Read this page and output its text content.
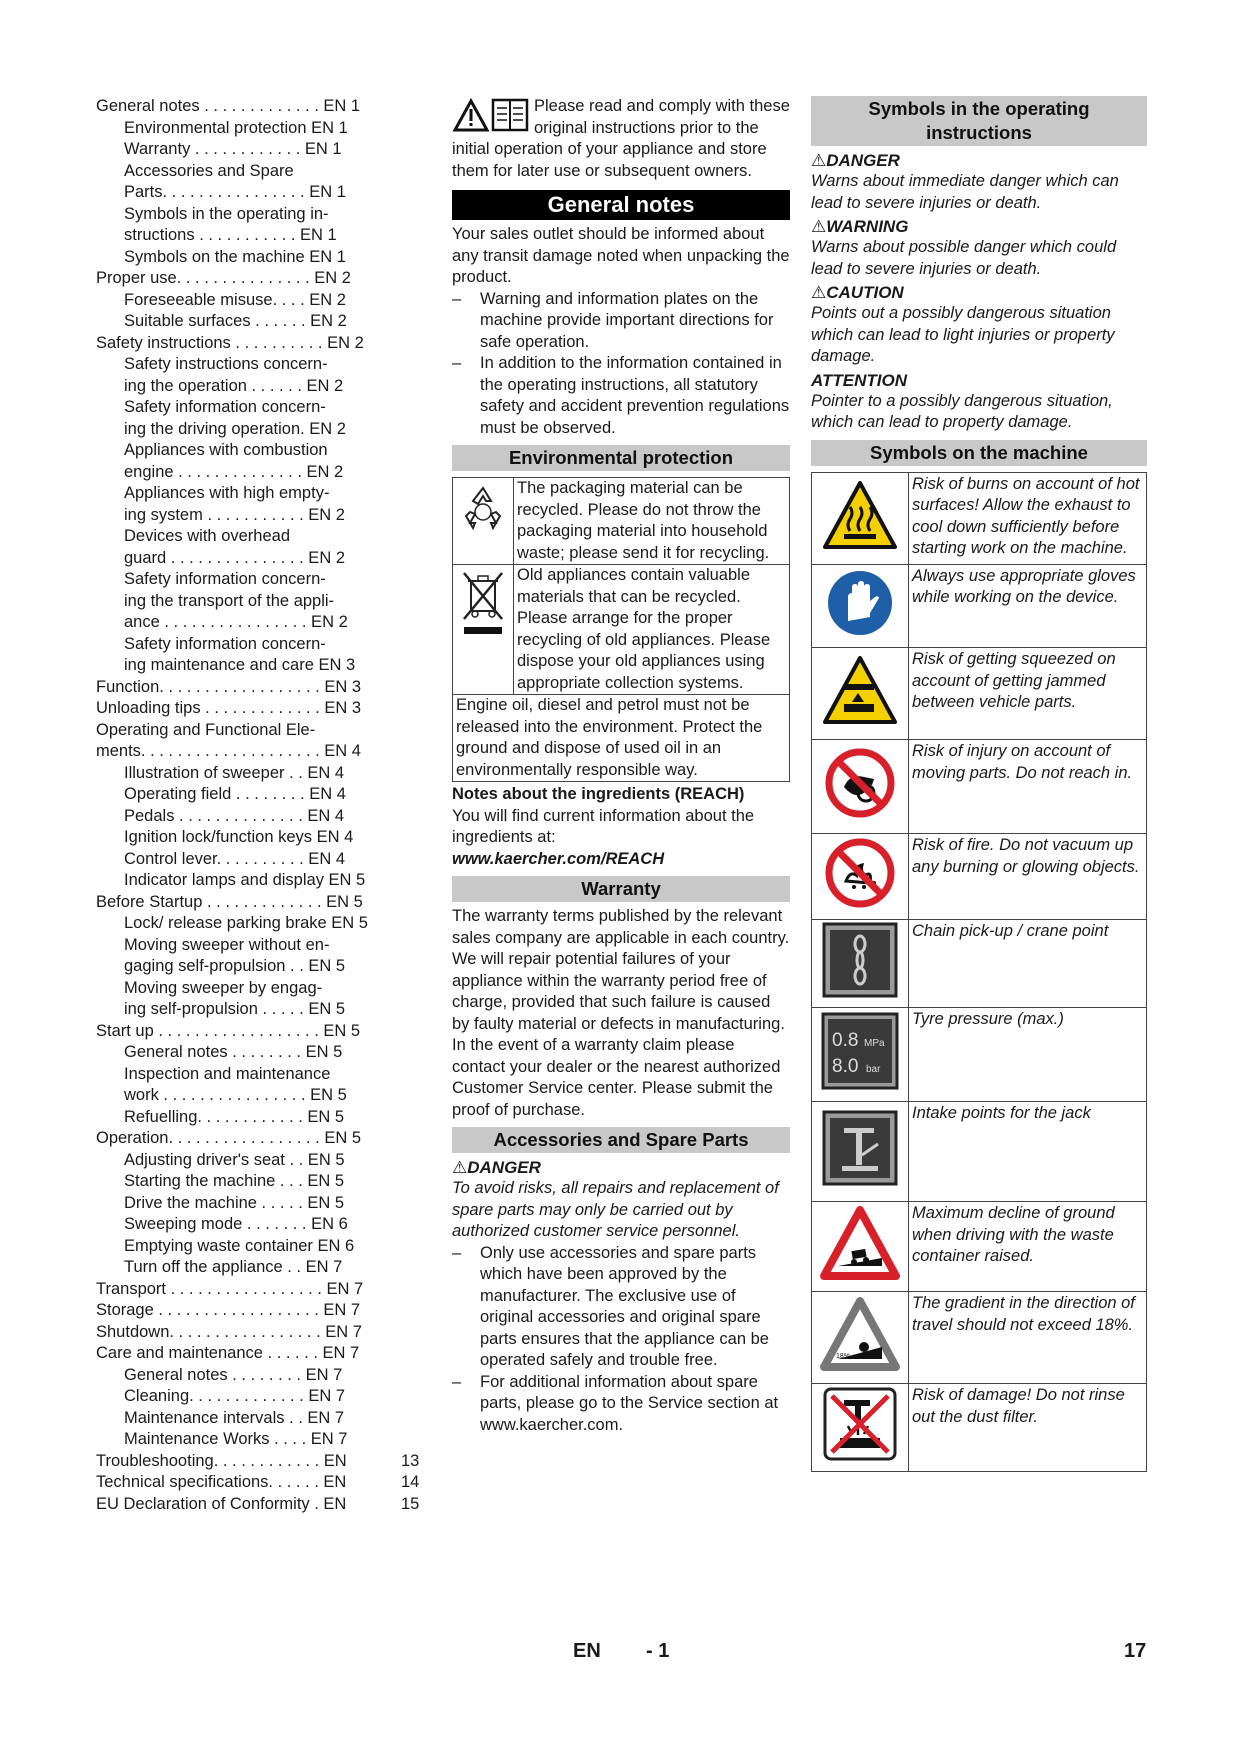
General notes . . . . . . . . . . . . . EN 1
Environmental protection EN 1
Warranty . . . . . . . . . . . . EN 1
Accessories and Spare
Parts. . . . . . . . . . . . . . . . EN 1
Symbols in the operating in-
structions . . . . . . . . . . . EN 1
Symbols on the machine EN 1
Proper use. . . . . . . . . . . . . . . EN 2
Foreseeable misuse. . . . EN 2
Suitable surfaces . . . . . . EN 2
Safety instructions . . . . . . . . . . EN 2
Safety instructions concern-
ing the operation . . . . . . EN 2
Safety information concern-
ing the driving operation. EN 2
Appliances with combustion
engine . . . . . . . . . . . . . . EN 2
Appliances with high empty-
ing system . . . . . . . . . . . EN 2
Devices with overhead
guard . . . . . . . . . . . . . . . EN 2
Safety information concern-
ing the transport of the appli-
ance . . . . . . . . . . . . . . . . EN 2
Safety information concern-
ing maintenance and care EN 3
Function. . . . . . . . . . . . . . . . . . EN 3
Unloading tips . . . . . . . . . . . . . EN 3
Operating and Functional Ele-
ments. . . . . . . . . . . . . . . . . . . . EN 4
Illustration of sweeper . . EN 4
Operating field . . . . . . . . EN 4
Pedals . . . . . . . . . . . . . . EN 4
Ignition lock/function keys EN 4
Control lever. . . . . . . . . . EN 4
Indicator lamps and display EN 5
Before Startup . . . . . . . . . . . . . EN 5
Lock/ release parking brake EN 5
Moving sweeper without en-
gaging self-propulsion . . EN 5
Moving sweeper by engag-
ing self-propulsion . . . . . EN 5
Start up . . . . . . . . . . . . . . . . . . EN 5
General notes . . . . . . . . EN 5
Inspection and maintenance
work . . . . . . . . . . . . . . . . EN 5
Refuelling. . . . . . . . . . . . EN 5
Operation. . . . . . . . . . . . . . . . . EN 5
Adjusting driver's seat . . EN 5
Starting the machine . . . EN 5
Drive the machine . . . . . EN 5
Sweeping mode . . . . . . . EN 6
Emptying waste container EN 6
Turn off the appliance . . EN 7
Transport . . . . . . . . . . . . . . . . . EN 7
Storage . . . . . . . . . . . . . . . . . . EN 7
Shutdown. . . . . . . . . . . . . . . . . EN 7
Care and maintenance . . . . . . EN 7
General notes . . . . . . . . EN 7
Cleaning. . . . . . . . . . . . . EN 7
Maintenance intervals . . EN 7
Maintenance Works . . . . EN 7
Troubleshooting. . . . . . . . . . . . EN	13
Technical specifications. . . . . . EN	14
EU Declaration of Conformity . EN	15
Please read and comply with these original instructions prior to the initial operation of your appliance and store them for later use or subsequent owners.
General notes
Your sales outlet should be informed about any transit damage noted when unpacking the product.
– Warning and information plates on the machine provide important directions for safe operation.
– In addition to the information contained in the operating instructions, all statutory safety and accident prevention regulations must be observed.
Environmental protection
	The packaging material can be recycled. Please do not throw the packaging material into household waste; please send it for recycling.
	Old appliances contain valuable materials that can be recycled. Please arrange for the proper recycling of old appliances. Please dispose your old appliances using appropriate collection systems.
Engine oil, diesel and petrol must not be released into the environment. Protect the ground and dispose of used oil in an environmentally responsible way.	
Notes about the ingredients (REACH)
You will find current information about the ingredients at:
www.kaercher.com/REACH
Warranty
The warranty terms published by the relevant sales company are applicable in each country. We will repair potential failures of your appliance within the warranty period free of charge, provided that such failure is caused by faulty material or defects in manufacturing. In the event of a warranty claim please contact your dealer or the nearest authorized Customer Service center. Please submit the proof of purchase.
Accessories and Spare Parts
⚠DANGER
To avoid risks, all repairs and replacement of spare parts may only be carried out by authorized customer service personnel.
– Only use accessories and spare parts which have been approved by the manufacturer. The exclusive use of original accessories and original spare parts ensures that the appliance can be operated safely and trouble free.
– For additional information about spare parts, please go to the Service section at www.kaercher.com.
Symbols in the operating instructions
⚠DANGER
Warns about immediate danger which can lead to severe injuries or death.
⚠WARNING
Warns about possible danger which could lead to severe injuries or death.
⚠CAUTION
Points out a possibly dangerous situation which can lead to light injuries or property damage.
ATTENTION
Pointer to a possibly dangerous situation, which can lead to property damage.
Symbols on the machine
	Risk of burns on account of hot surfaces! Allow the exhaust to cool down sufficiently before starting work on the machine.
	Always use appropriate gloves while working on the device.
	Risk of getting squeezed on account of getting jammed between vehicle parts.
	Risk of injury on account of moving parts. Do not reach in.
	Risk of fire. Do not vacuum up any burning or glowing objects.
	Chain pick-up / crane point

0.8 MPa
8.0 bar	Tyre pressure (max.)
	Intake points for the jack
	Maximum decline of ground when driving with the waste container raised.

18%	The gradient in the direction of travel should not exceed 18%.
	Risk of damage! Do not rinse out the dust filter.
EN - 1	17
